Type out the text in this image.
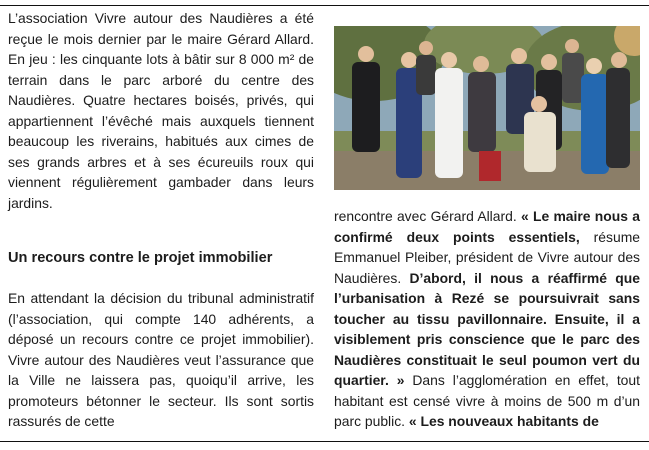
L’association Vivre autour des Naudières a été reçue le mois dernier par le maire Gérard Allard. En jeu : les cinquante lots à bâtir sur 8 000 m² de terrain dans le parc arboré du centre des Naudières. Quatre hectares boisés, privés, qui appartiennent l’évêché mais auxquels tiennent beaucoup les riverains, habitués aux cimes de ses grands arbres et à ses écureuils roux qui viennent régulièrement gambader dans leurs jardins.

Un recours contre le projet immobilier

En attendant la décision du tribunal administratif (l’association, qui compte 140 adhérents, a déposé un recours contre ce projet immobilier). Vivre autour des Naudières veut l’assurance que la Ville ne laissera pas, quoiqu’il arrive, les promoteurs bétonner le secteur. Ils sont sortis rassurés de cette

rencontre avec Gérard Allard. « Le maire nous a confirmé deux points essentiels, résume Emmanuel Pleiber, président de Vivre autour des Naudières. D’abord, il nous a réaffirmé que l’urbanisation à Rezé se poursuivrait sans toucher au tissu pavillonnaire. Ensuite, il a visiblement pris conscience que le parc des Naudières constituait le seul poumon vert du quartier. » Dans l’agglomération en effet, tout habitant est censé vivre à moins de 500 m d’un parc public. « Les nouveaux habitants de
